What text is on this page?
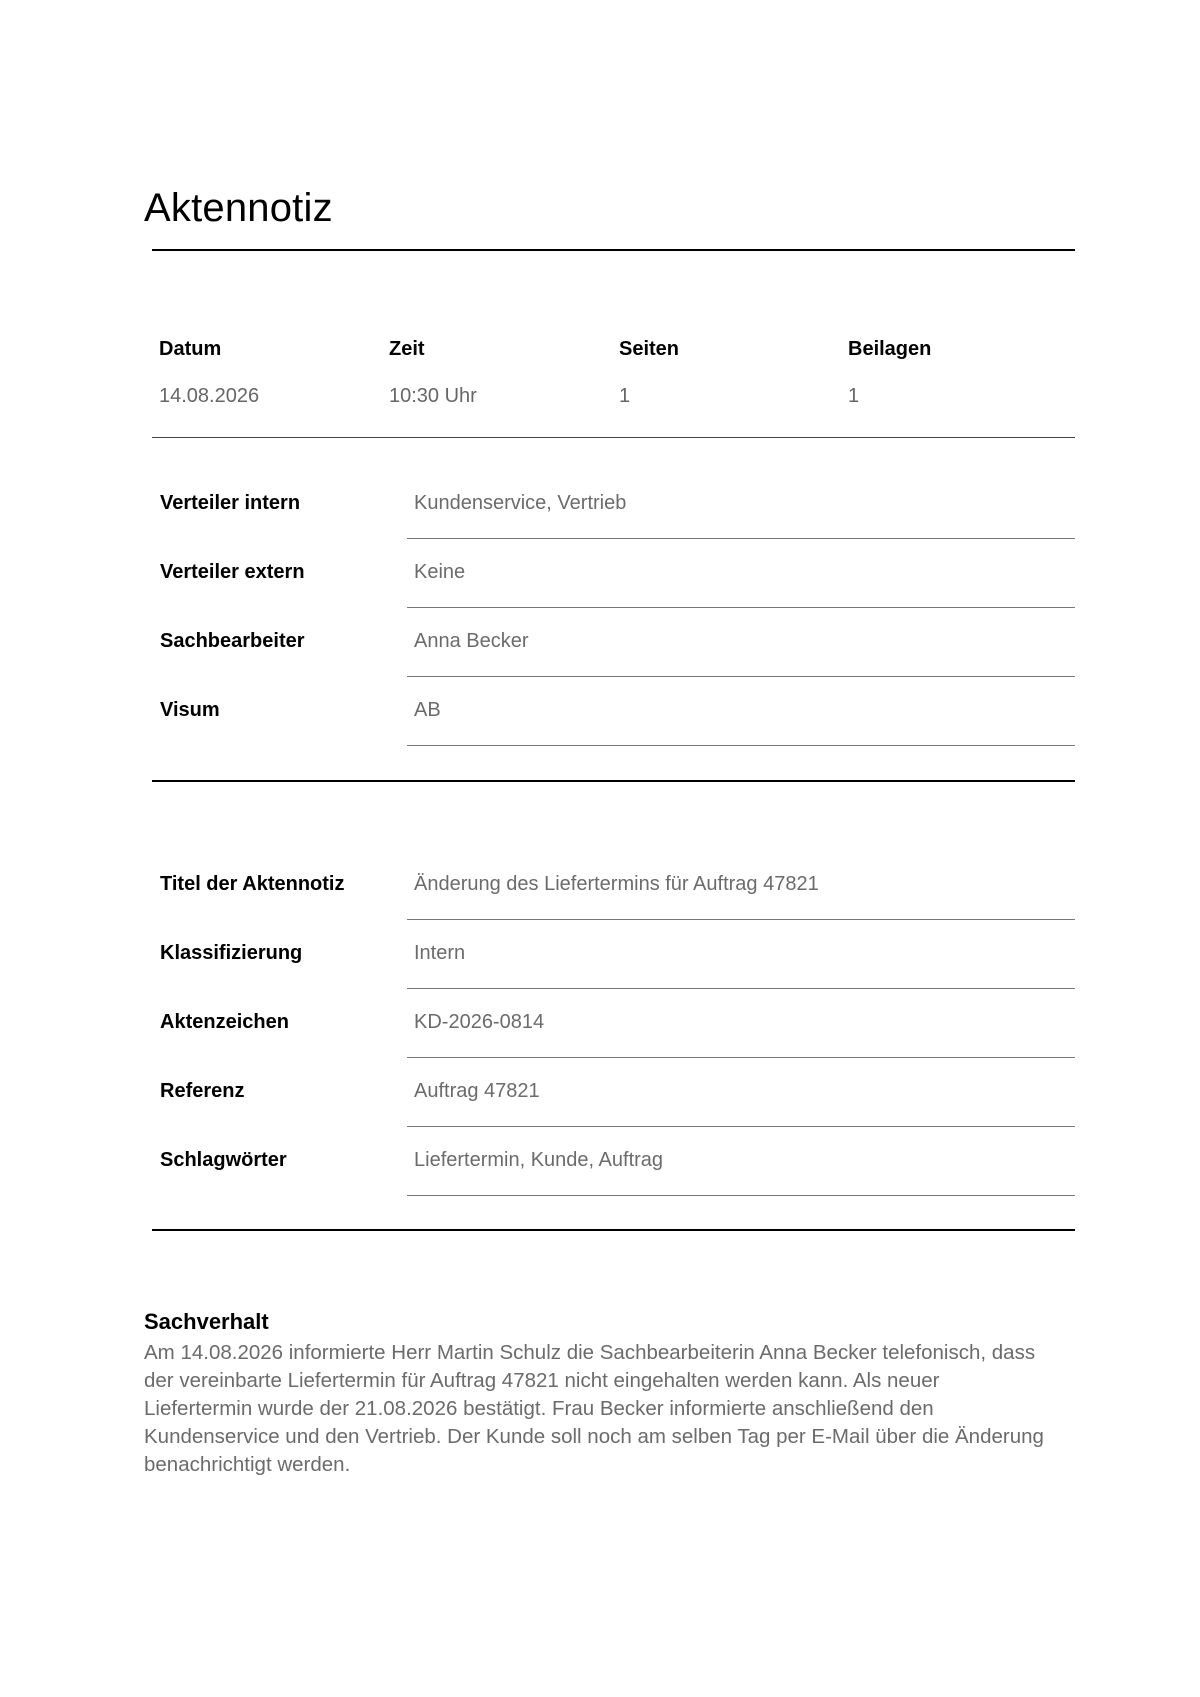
Aktennotiz
Datum	Zeit	Seiten	Beilagen
14.08.2026	10:30 Uhr	1	1
Verteiler intern	Kundenservice, Vertrieb
Verteiler extern	Keine
Sachbearbeiter	Anna Becker
Visum	AB
Titel der Aktennotiz	Änderung des Liefertermins für Auftrag 47821
Klassifizierung	Intern
Aktenzeichen	KD-2026-0814
Referenz	Auftrag 47821
Schlagwörter	Liefertermin, Kunde, Auftrag
Sachverhalt

Am 14.08.2026 informierte Herr Martin Schulz die Sachbearbeiterin Anna Becker telefonisch, dass der vereinbarte Liefertermin für Auftrag 47821 nicht eingehalten werden kann. Als neuer Liefertermin wurde der 21.08.2026 bestätigt. Frau Becker informierte anschließend den Kundenservice und den Vertrieb. Der Kunde soll noch am selben Tag per E-Mail über die Änderung benachrichtigt werden.
